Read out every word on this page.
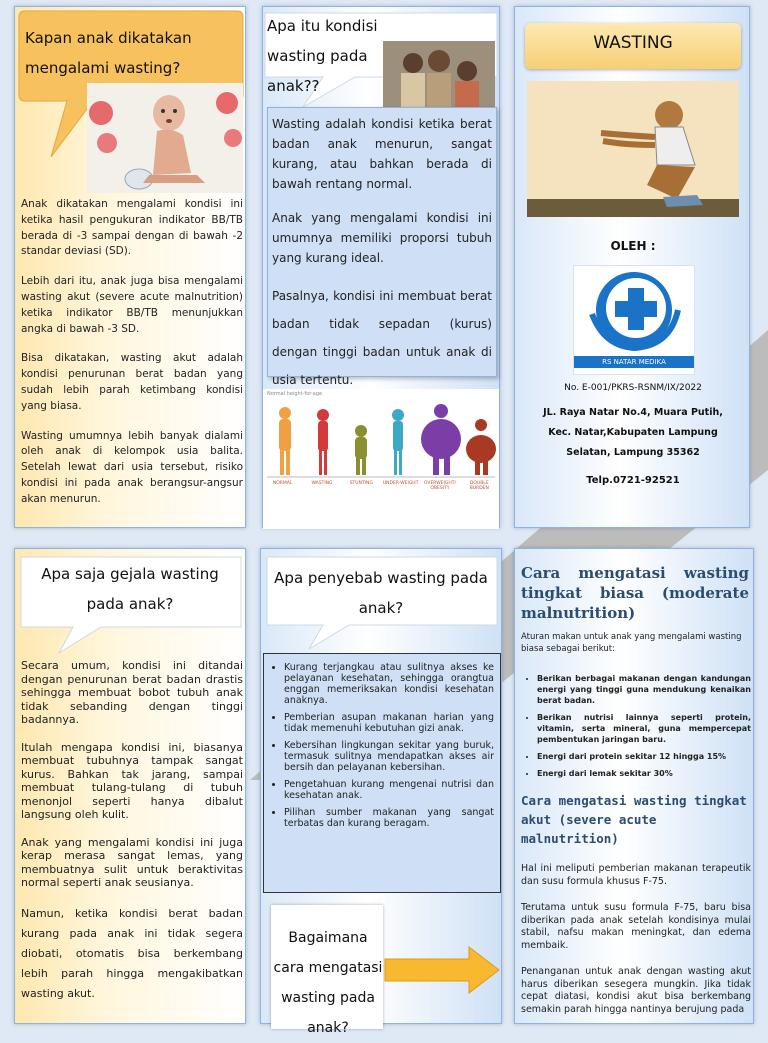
Kapan anak dikatakan mengalami wasting?

Anak dikatakan mengalami kondisi ini ketika hasil pengukuran indikator BB/TB berada di -3 sampai dengan di bawah -2 standar deviasi (SD).

Lebih dari itu, anak juga bisa mengalami wasting akut (severe acute malnutrition) ketika indikator BB/TB menunjukkan angka di bawah -3 SD.

Bisa dikatakan, wasting akut adalah kondisi penurunan berat badan yang sudah lebih parah ketimbang kondisi yang biasa.

Wasting umumnya lebih banyak dialami oleh anak di kelompok usia balita. Setelah lewat dari usia tersebut, risiko kondisi ini pada anak berangsur-angsur akan menurun.

Apa itu kondisi wasting pada anak??

Wasting adalah kondisi ketika berat badan anak menurun, sangat kurang, atau bahkan berada di bawah rentang normal.

Anak yang mengalami kondisi ini umumnya memiliki proporsi tubuh yang kurang ideal.

Pasalnya, kondisi ini membuat berat badan tidak sepadan (kurus) dengan tinggi badan untuk anak di usia tertentu.

Normal height-for-age
NORMAL	WASTING	STUNTING	UNDER-WEIGHT	OVERWEIGHT/ OBESITY
DOUBLE BURDEN
WASTING
OLEH :
RS NATAR MEDIKA
No. E-001/PKRS-RSNM/IX/2022
JL. Raya Natar No.4, Muara Putih,
Kec. Natar,Kabupaten Lampung
Selatan, Lampung 35362
Telp.0721-92521
Apa saja gejala wasting pada anak?

Secara umum, kondisi ini ditandai dengan penurunan berat badan drastis sehingga membuat bobot tubuh anak tidak sebanding dengan tinggi badannya.

Itulah mengapa kondisi ini, biasanya membuat tubuhnya tampak sangat kurus. Bahkan tak jarang, sampai membuat tulang-tulang di tubuh menonjol seperti hanya dibalut langsung oleh kulit.

Anak yang mengalami kondisi ini juga kerap merasa sangat lemas, yang membuatnya sulit untuk beraktivitas normal seperti anak seusianya.

Namun, ketika kondisi berat badan kurang pada anak ini tidak segera diobati, otomatis bisa berkembang lebih parah hingga mengakibatkan wasting akut.

Apa penyebab wasting pada anak?
• Kurang terjangkau atau sulitnya akses ke pelayanan kesehatan, sehingga orangtua enggan memeriksakan kondisi kesehatan anaknya.
• Pemberian asupan makanan harian yang tidak memenuhi kebutuhan gizi anak.
• Kebersihan lingkungan sekitar yang buruk, termasuk sulitnya mendapatkan akses air bersih dan pelayanan kebersihan.
• Pengetahuan kurang mengenai nutrisi dan kesehatan anak.
• Pilihan sumber makanan yang sangat terbatas dan kurang beragam.
Bagaimana cara mengatasi wasting pada anak?
Cara mengatasi wasting tingkat biasa (moderate malnutrition)
Aturan makan untuk anak yang mengalami wasting biasa sebagai berikut:
• Berikan berbagai makanan dengan kandungan energi yang tinggi guna mendukung kenaikan berat badan.
• Berikan nutrisi lainnya seperti protein, vitamin, serta mineral, guna mempercepat pembentukan jaringan baru.
• Energi dari protein sekitar 12 hingga 15%
• Energi dari lemak sekitar 30%
Cara mengatasi wasting tingkat akut (severe acute malnutrition)

Hal ini meliputi pemberian makanan terapeutik dan susu formula khusus F-75.

Terutama untuk susu formula F-75, baru bisa diberikan pada anak setelah kondisinya mulai stabil, nafsu makan meningkat, dan edema membaik.

Penanganan untuk anak dengan wasting akut harus diberikan sesegera mungkin. Jika tidak cepat diatasi, kondisi akut bisa berkembang semakin parah hingga nantinya berujung pada
